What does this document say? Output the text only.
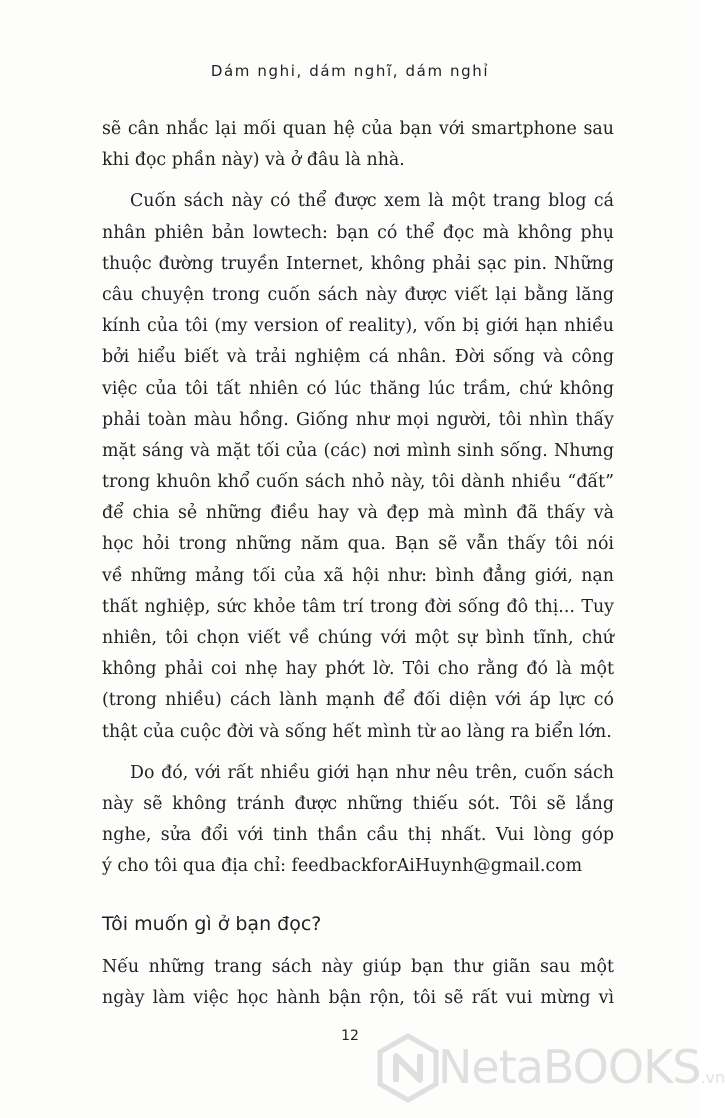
Dám nghi, dám nghĩ, dám nghỉ
sẽ cân nhắc lại mối quan hệ của bạn với smartphone sau
khi đọc phần này) và ở đâu là nhà.
Cuốn sách này có thể được xem là một trang blog cá
nhân phiên bản lowtech: bạn có thể đọc mà không phụ
thuộc đường truyền Internet, không phải sạc pin. Những
câu chuyện trong cuốn sách này được viết lại bằng lăng
kính của tôi (my version of reality), vốn bị giới hạn nhiều
bởi hiểu biết và trải nghiệm cá nhân. Đời sống và công
việc của tôi tất nhiên có lúc thăng lúc trầm, chứ không
phải toàn màu hồng. Giống như mọi người, tôi nhìn thấy
mặt sáng và mặt tối của (các) nơi mình sinh sống. Nhưng
trong khuôn khổ cuốn sách nhỏ này, tôi dành nhiều “đất”
để chia sẻ những điều hay và đẹp mà mình đã thấy và
học hỏi trong những năm qua. Bạn sẽ vẫn thấy tôi nói
về những mảng tối của xã hội như: bình đẳng giới, nạn
thất nghiệp, sức khỏe tâm trí trong đời sống đô thị... Tuy
nhiên, tôi chọn viết về chúng với một sự bình tĩnh, chứ
không phải coi nhẹ hay phớt lờ. Tôi cho rằng đó là một
(trong nhiều) cách lành mạnh để đối diện với áp lực có
thật của cuộc đời và sống hết mình từ ao làng ra biển lớn.
Do đó, với rất nhiều giới hạn như nêu trên, cuốn sách
này sẽ không tránh được những thiếu sót. Tôi sẽ lắng
nghe, sửa đổi với tinh thần cầu thị nhất. Vui lòng góp
ý cho tôi qua địa chỉ: feedbackforAiHuynh@gmail.com
Tôi muốn gì ở bạn đọc?
Nếu những trang sách này giúp bạn thư giãn sau một
ngày làm việc học hành bận rộn, tôi sẽ rất vui mừng vì
12
NetaBOOKS.vn
